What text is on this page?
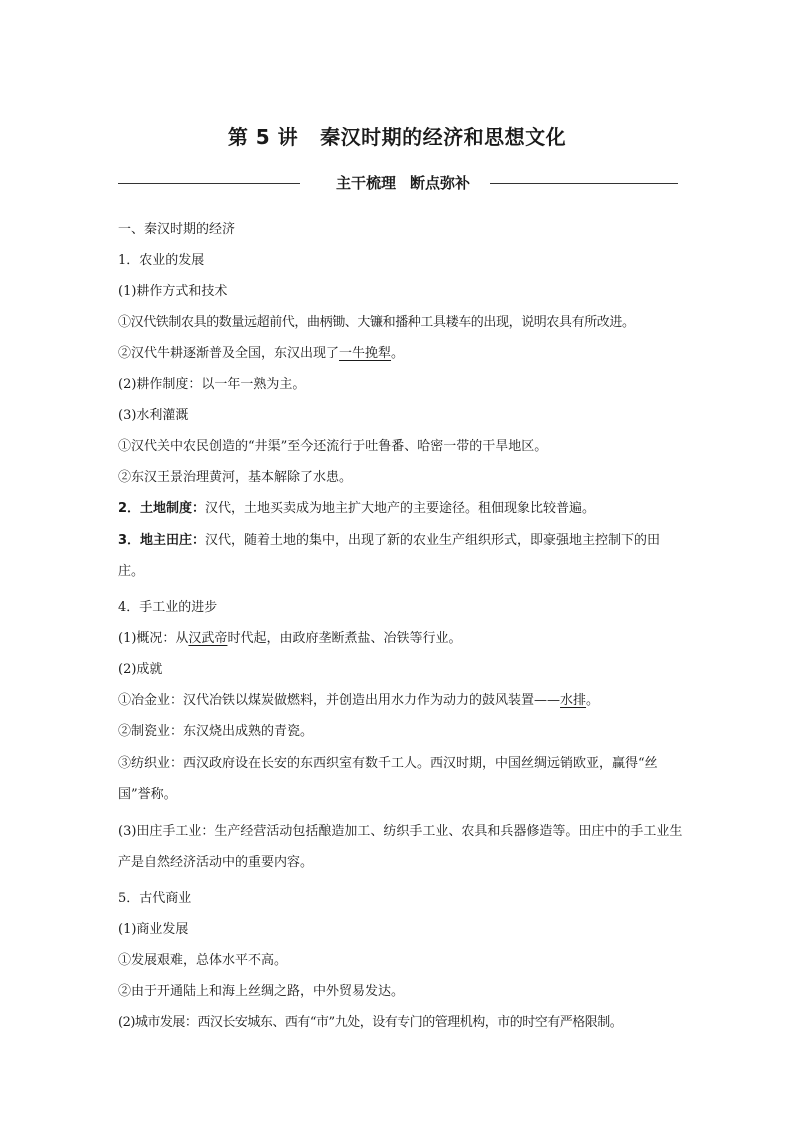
第 5 讲 秦汉时期的经济和思想文化
主干梳理 断点弥补

一、秦汉时期的经济

1．农业的发展

(1)耕作方式和技术

①汉代铁制农具的数量远超前代，曲柄锄、大镰和播种工具耧车的出现，说明农具有所改进。

②汉代牛耕逐渐普及全国，东汉出现了一牛挽犁。

(2)耕作制度：以一年一熟为主。

(3)水利灌溉

①汉代关中农民创造的“井渠”至今还流行于吐鲁番、哈密一带的干旱地区。

②东汉王景治理黄河，基本解除了水患。

2．土地制度：汉代，土地买卖成为地主扩大地产的主要途径。租佃现象比较普遍。

3．地主田庄：汉代，随着土地的集中，出现了新的农业生产组织形式，即豪强地主控制下的田庄。

4．手工业的进步

(1)概况：从汉武帝时代起，由政府垄断煮盐、冶铁等行业。

(2)成就

①冶金业：汉代冶铁以煤炭做燃料，并创造出用水力作为动力的鼓风装置——水排。

②制瓷业：东汉烧出成熟的青瓷。

③纺织业：西汉政府设在长安的东西织室有数千工人。西汉时期，中国丝绸远销欧亚，赢得“丝国”誉称。

(3)田庄手工业：生产经营活动包括酿造加工、纺织手工业、农具和兵器修造等。田庄中的手工业生产是自然经济活动中的重要内容。

5．古代商业

(1)商业发展

①发展艰难，总体水平不高。

②由于开通陆上和海上丝绸之路，中外贸易发达。

(2)城市发展：西汉长安城东、西有“市”九处，设有专门的管理机构，市的时空有严格限制。
